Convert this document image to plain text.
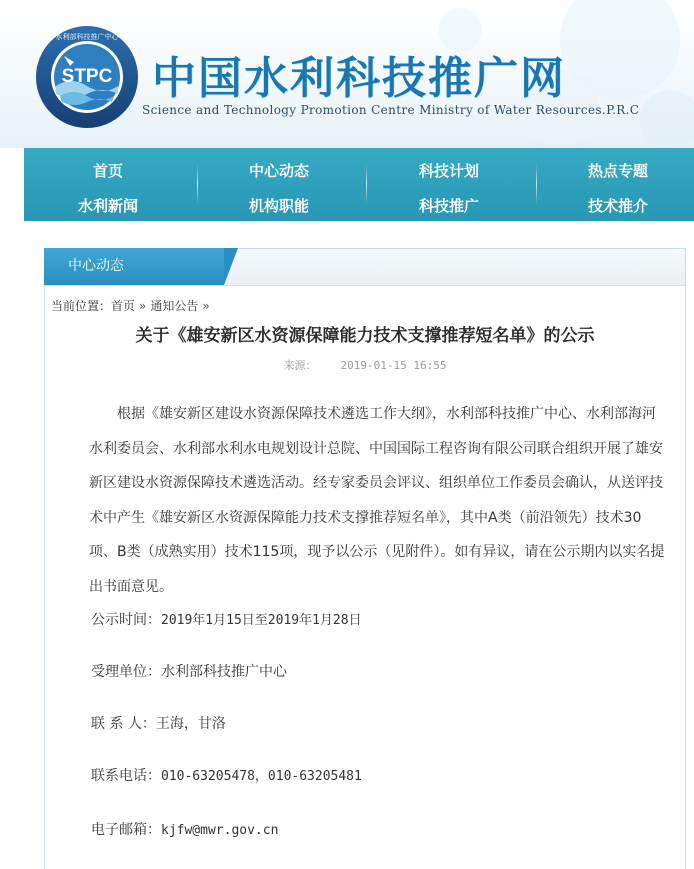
STPC
水利部科技推广中心
中国水利科技推广网

Science and Technology Promotion Centre Ministry of Water Resources.P.R.C

首页	中心动态	科技计划	热点专题
水利新闻	机构职能	科技推广	技术推介
中心动态
当前位置：首页 » 通知公告 »
关于《雄安新区水资源保障能力技术支撑推荐短名单》的公示
来源： 2019-01-15 16:55

根据《雄安新区建设水资源保障技术遴选工作大纲》，水利部科技推广中心、水利部海河水利委员会、水利部水利水电规划设计总院、中国国际工程咨询有限公司联合组织开展了雄安新区建设水资源保障技术遴选活动。经专家委员会评议、组织单位工作委员会确认，从送评技术中产生《雄安新区水资源保障能力技术支撑推荐短名单》，其中A类（前沿领先）技术30项、B类（成熟实用）技术115项，现予以公示（见附件）。如有异议，请在公示期内以实名提出书面意见。

公示时间：2019年1月15日至2019年1月28日
受理单位：水利部科技推广中心
联 系 人：王海，甘洛
联系电话：010-63205478，010-63205481
电子邮箱：kjfw@mwr.gov.cn
